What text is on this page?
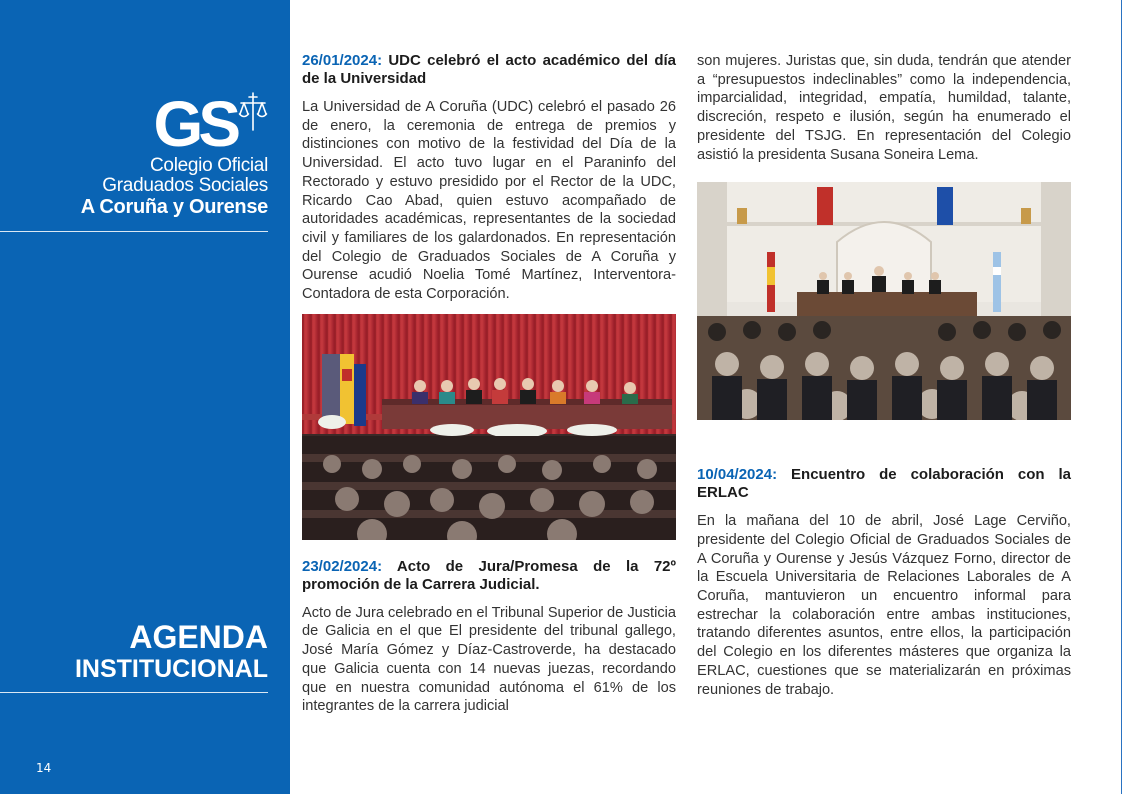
GS
Colegio Oficial
Graduados Sociales
A Coruña y Ourense
AGENDA
INSTITUCIONAL
14
26/01/2024: UDC celebró el acto académico del día de la Universidad

La Universidad de A Coruña (UDC) celebró el pasado 26 de enero, la ceremonia de entrega de premios y distinciones con motivo de la festividad del Día de la Universidad. El acto tuvo lugar en el Paraninfo del Rectorado y estuvo presidido por el Rector de la UDC, Ricardo Cao Abad, quien estuvo acompañado de autoridades académicas, representantes de la sociedad civil y familiares de los galardonados. En representación del Colegio de Graduados Sociales de A Coruña y Ourense acudió Noelia Tomé Martínez, Interventora-Contadora de esta Corporación.

23/02/2024: Acto de Jura/Promesa de la 72º promoción de la Carrera Judicial.

Acto de Jura celebrado en el Tribunal Superior de Justicia de Galicia en el que El presidente del tribunal gallego, José María Gómez y Díaz-Castroverde, ha destacado que Galicia cuenta con 14 nuevas juezas, recordando que en nuestra comunidad autónoma el 61% de los integrantes de la carrera judicial

son mujeres. Juristas que, sin duda, tendrán que atender a “presupuestos indeclinables” como la independencia, imparcialidad, integridad, empatía, humildad, talante, discreción, respeto e ilusión, según ha enumerado el presidente del TSJG. En representación del Colegio asistió la presidenta Susana Soneira Lema.

10/04/2024: Encuentro de colaboración con la ERLAC

En la mañana del 10 de abril, José Lage Cerviño, presidente del Colegio Oficial de Graduados Sociales de A Coruña y Ourense y Jesús Vázquez Forno, director de la Escuela Universitaria de Relaciones Laborales de A Coruña, mantuvieron un encuentro informal para estrechar la colaboración entre ambas instituciones, tratando diferentes asuntos, entre ellos, la participación del Colegio en los diferentes másteres que organiza la ERLAC, cuestiones que se materializarán en próximas reuniones de trabajo.
